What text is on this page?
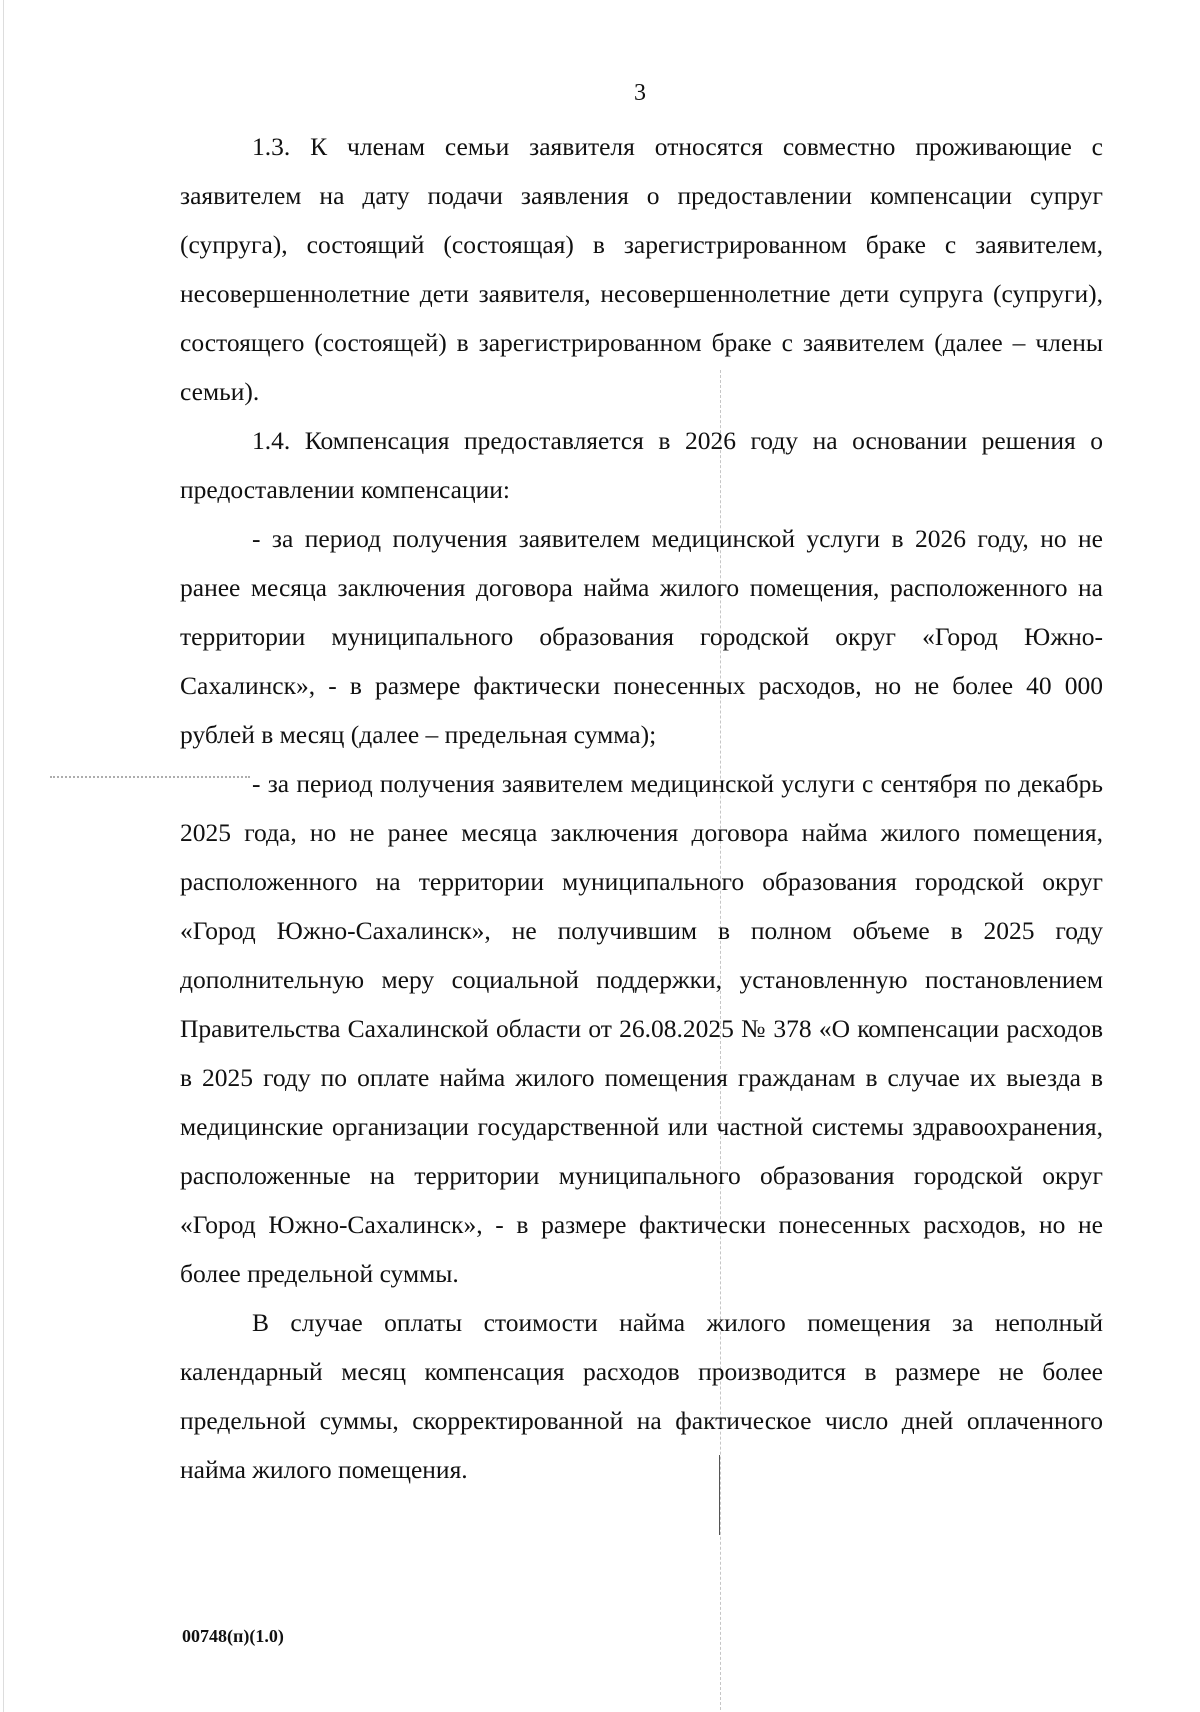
3

1.3. К членам семьи заявителя относятся совместно проживающие с заявителем на дату подачи заявления о предоставлении компенсации супруг (супруга), состоящий (состоящая) в зарегистрированном браке с заявителем, несовершеннолетние дети заявителя, несовершеннолетние дети супруга (супруги), состоящего (состоящей) в зарегистрированном браке с заявителем (далее – члены семьи).

1.4. Компенсация предоставляется в 2026 году на основании решения о предоставлении компенсации:

- за период получения заявителем медицинской услуги в 2026 году, но не ранее месяца заключения договора найма жилого помещения, расположенного на территории муниципального образования городской округ «Город Южно-Сахалинск», - в размере фактически понесенных расходов, но не более 40 000 рублей в месяц (далее – предельная сумма);

- за период получения заявителем медицинской услуги с сентября по декабрь 2025 года, но не ранее месяца заключения договора найма жилого помещения, расположенного на территории муниципального образования городской округ «Город Южно-Сахалинск», не получившим в полном объеме в 2025 году дополнительную меру социальной поддержки, установленную постановлением Правительства Сахалинской области от 26.08.2025 № 378 «О компенсации расходов в 2025 году по оплате найма жилого помещения гражданам в случае их выезда в медицинские организации государственной или частной системы здравоохранения, расположенные на территории муниципального образования городской округ «Город Южно-Сахалинск», - в размере фактически понесенных расходов, но не более предельной суммы.

В случае оплаты стоимости найма жилого помещения за неполный календарный месяц компенсация расходов производится в размере не более предельной суммы, скорректированной на фактическое число дней оплаченного найма жилого помещения.

00748(п)(1.0)
